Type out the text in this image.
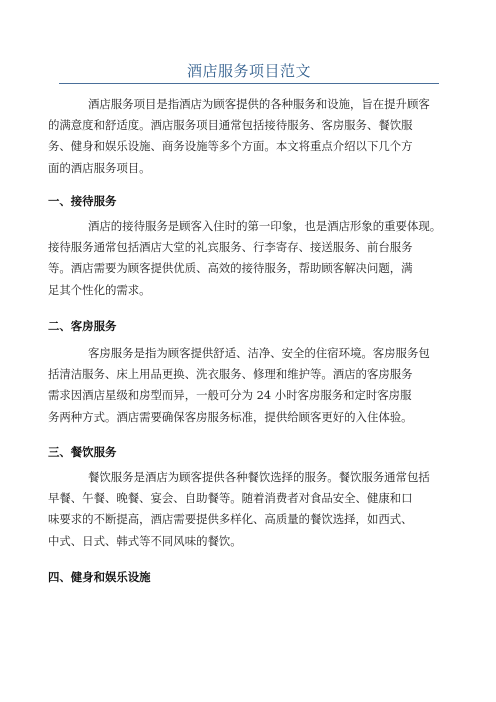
酒店服务项目范文
酒店服务项目是指酒店为顾客提供的各种服务和设施，旨在提升顾客
的满意度和舒适度。酒店服务项目通常包括接待服务、客房服务、餐饮服
务、健身和娱乐设施、商务设施等多个方面。本文将重点介绍以下几个方
面的酒店服务项目。
一、接待服务
酒店的接待服务是顾客入住时的第一印象，也是酒店形象的重要体现。
接待服务通常包括酒店大堂的礼宾服务、行李寄存、接送服务、前台服务
等。酒店需要为顾客提供优质、高效的接待服务，帮助顾客解决问题，满
足其个性化的需求。
二、客房服务
客房服务是指为顾客提供舒适、洁净、安全的住宿环境。客房服务包
括清洁服务、床上用品更换、洗衣服务、修理和维护等。酒店的客房服务
需求因酒店星级和房型而异，一般可分为 24 小时客房服务和定时客房服
务两种方式。酒店需要确保客房服务标准，提供给顾客更好的入住体验。
三、餐饮服务
餐饮服务是酒店为顾客提供各种餐饮选择的服务。餐饮服务通常包括
早餐、午餐、晚餐、宴会、自助餐等。随着消费者对食品安全、健康和口
味要求的不断提高，酒店需要提供多样化、高质量的餐饮选择，如西式、
中式、日式、韩式等不同风味的餐饮。
四、健身和娱乐设施
